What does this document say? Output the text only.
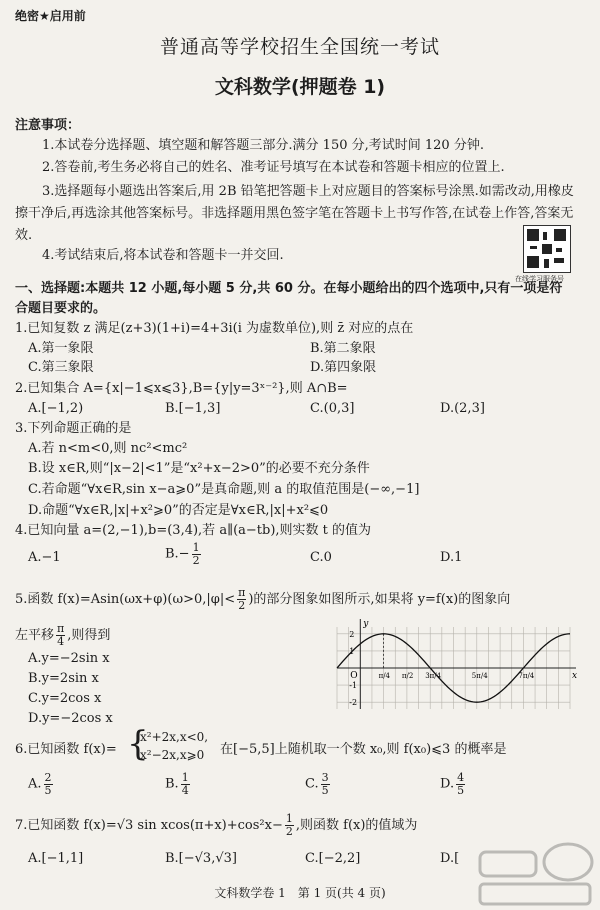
绝密★启用前
普通高等学校招生全国统一考试
文科数学(押题卷 1)
注意事项：
1.本试卷分选择题、填空题和解答题三部分.满分 150 分,考试时间 120 分钟.
2.答卷前,考生务必将自己的姓名、准考证号填写在本试卷和答题卡相应的位置上.
3.选择题每小题选出答案后,用 2B 铅笔把答题卡上对应题目的答案标号涂黑.如需改动,用橡皮擦干净后,再选涂其他答案标号。非选择题用黑色签字笔在答题卡上书写作答,在试卷上作答,答案无效.
4.考试结束后,将本试卷和答题卡一并交回.
在线学习服务号
一、选择题:本题共 12 小题,每小题 5 分,共 60 分。在每小题给出的四个选项中,只有一项是符
合题目要求的。
1.已知复数 z 满足(z+3)(1+i)=4+3i(i 为虚数单位),则 z̄ 对应的点在
A.第一象限	B.第二象限
C.第三象限	D.第四象限
2.已知集合 A={x|−1⩽x⩽3},B={y|y=3ˣ⁻²},则 A∩B=
A.[−1,2)	B.[−1,3]	C.(0,3]	D.(2,3]
3.下列命题正确的是
A.若 n<m<0,则 nc²<mc²
B.设 x∈R,则“|x−2|<1”是“x²+x−2>0”的必要不充分条件
C.若命题“∀x∈R,sin x−a⩾0”是真命题,则 a 的取值范围是(−∞,−1]
D.命题“∀x∈R,|x|+x²⩾0”的否定是∀x∈R,|x|+x²⩽0
4.已知向量 a=(2,−1),b=(3,4),若 a∥(a−tb),则实数 t 的值为
A.−1	$B.- \frac{1}{2}$	C.0	D.1
5.函数 $f(x)=Asin(\omega x+\varphi)(\omega>0,|\varphi|< \frac{\pi}{2}$ )的部分图象如图所示,如果将 y=f(x)的图象向
左平移 $\frac{\pi}{4}$ ,则得到
A.y=−2sin x
B.y=2sin x
C.y=2cos x
D.y=−2cos x
y
x
O
2
1
-1
-2
π/4 π/2 3π/4	5π/4	7π/4
6.已知函数 f(x)= {
x²+2x,x<0,
x²−2x,x⩾0 在[−5,5]上随机取一个数 x₀,则 f(x₀)⩽3 的概率是
A. $\frac{2}{5}$	B. $\frac{1}{4}$	C. $\frac{3}{5}$	D. $\frac{4}{5}$
7.已知函数 f(x)=√3 $\sin xcos(\pi+x)+\cos^2x- \frac{1}{2}$ ,则函数 f(x)的值域为
A.[−1,1]	B.[−√3,√3]	C.[−2,2]	D.[
文科数学卷 1　第 1 页(共 4 页)
